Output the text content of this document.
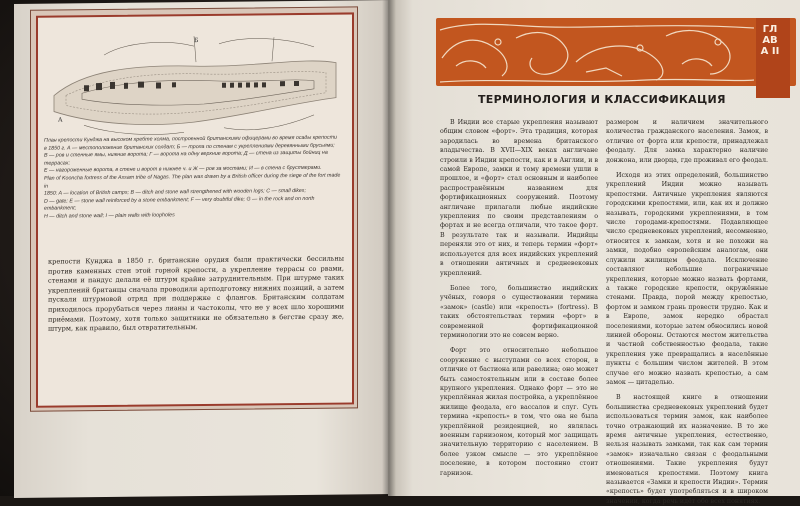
А
Б

План крепости Кунджа на высоком хребте холма, построенной британскими офицерами во время осады крепости

в 1850 г. А — местоположение британских солдат; Б — тропа по стенам с укреплениями деревянными брусьями;

В — ров и стенные ямы, нижние ворота; Г — ворота на одну верхние ворота; Д — стена из защиты бойниц на террасах;

Е — нагороженные ворота, в стене и ворот в нижнее ч. и Ж — ров за мостами; И — в стена с брустверами.

Plan of Kooncha fortress of the Assam tribe of Nagas. The plan was drawn by a British officer during the siege of the fort made in

1850: A — location of British camps; B — ditch and stone wall strengthened with wooden logs; C — small dikes;

D — gate; E — stone wall reinforced by a stone embankment; F — very doubtful dike; G — in the rock and on north embankment;

H — ditch and stone wall; I — plain walls with loopholes

крепости Кунджа в 1850 г. британские орудия были практически бессильны против каменных стен этой горной крепости, а укрепление террасы со рвами, стенами и пандус делали её штурм крайне затруднительным. При штурме таких укреплений британцы сначала проводили артподготовку нижних позиций, а затем пускали штурмовой отряд при поддержке с флангов. Британским солдатам приходилось прорубаться через лианы и частоколы, что не у всех шло хорошими приёмами. Поэтому, хотя только защитники не обязательно в бегстве сразу же, штурм, как правило, был отвратительным.

ГЛАВА II
ТЕРМИНОЛОГИЯ И КЛАССИФИКАЦИЯ

В Индии все старые укрепления называют общим словом «форт». Эта традиция, которая зародилась во времена британского владычества. В XVII—XIX веках англичане строили в Индии крепости, как и в Англии, и в самой Европе, замки и тому времени ушли в прошлое, и «форт» стал основным и наиболее распространённым названием для фортификационных сооружений. Поэтому англичане прилагали любые индийские укрепления по своим представлениям о фортах и не всегда отличали, что такое форт. В результате так и называли. Индийцы переняли это от них, и теперь термин «форт» используется для всех индийских укреплений в отношении античных и средневековых укреплений.

Более того, большинство индийских учёных, говоря о существовании термина «замок» (castle) или «крепость» (fortress). В таких обстоятельствах термин «форт» в современной фортификационной терминологии это не совсем верно.

Форт это относительно небольшое сооружение с выступами со всех сторон, в отличие от бастиона или равелина; оно может быть самостоятельным или в составе более крупного укрепления. Однако форт — это не укреплённая жилая постройка, а укреплённое жилище феодала, его вассалов и слуг. Суть термина «крепость» в том, что она не была укреплённой резиденцией, но являлась военным гарнизоном, который мог защищать значительную территорию с населением. В более узком смысле — это укреплённое поселение, в котором постоянно стоит гарнизон.

размером и наличием значительного количества гражданского населения. Замок, в отличие от форта или крепости, принадлежал феодалу. Для замка характерно наличие донжона, или дворца, где проживал его феодал.

Исходя из этих определений, большинство укреплений Индии можно называть крепостями. Античные укрепления являются городскими крепостями, или, как их и должно называть, городскими укреплениями, в том числе городами-крепостями. Подавляющее число средневековых укреплений, несомненно, относится к замкам, хотя и не похожи на замки, подобно европейским аналогам, они служили жилищем феодала. Исключение составляют небольшие пограничные укрепления, которые можно назвать фортами, а также городские крепости, окружённые стенами. Правда, порой между крепостью, фортом и замком грань провести трудно. Как и в Европе, замок нередко обрастал поселениями, которые затем обносились новой линией обороны. Остаются местом жительства и частной собственностью феодала, такие укрепления уже превращались в населённые пункты с большим числом жителей. В этом случае его можно назвать крепостью, а сам замок — цитаделью.

В настоящей книге в отношении большинства средневековых укреплений будет использоваться термин замок, как наиболее точно отражающий их назначение. В то же время античные укрепления, естественно, нельзя называть замками, так как сам термин «замок» изначально связан с феодальными отношениями. Такие укрепления будут именоваться крепостями. Поэтому книга называется «Замки и крепости Индии». Термин «крепость» будет употребляться и в широком значении, когда речь идёт обо всех понятиях.
